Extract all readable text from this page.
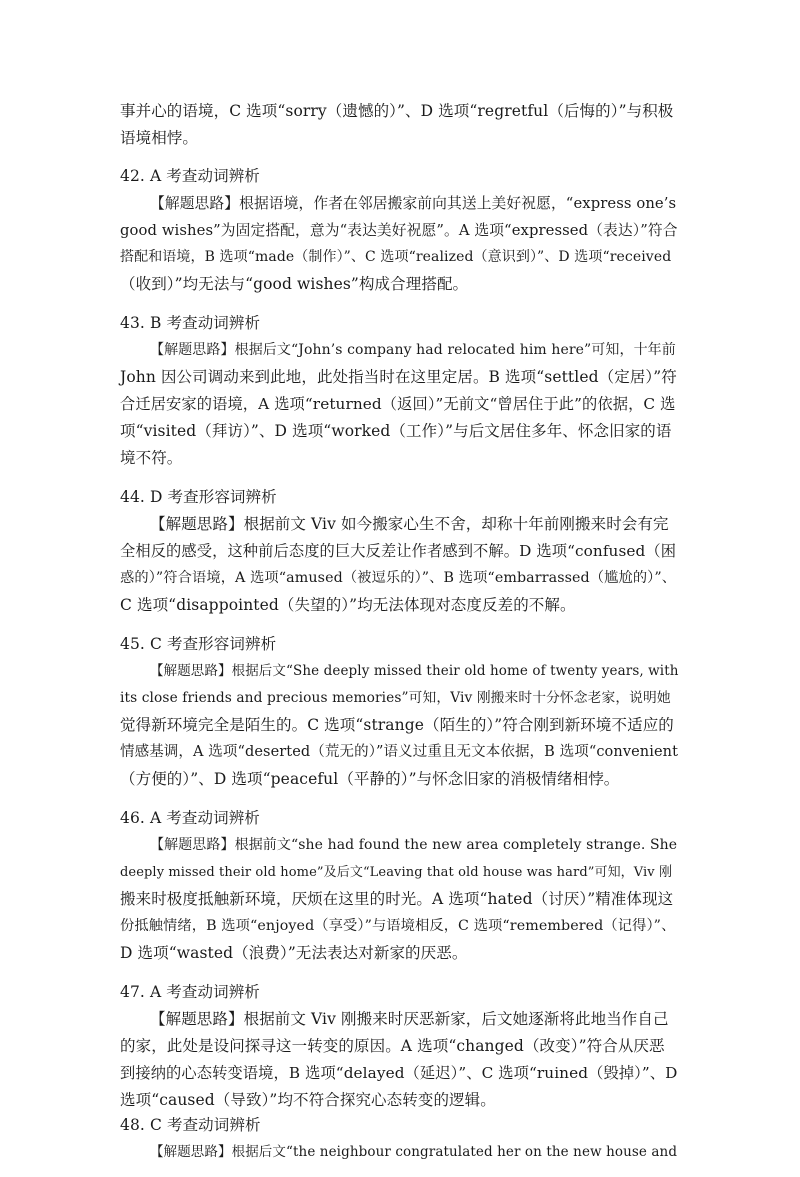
事并心的语境，C 选项“sorry（遗憾的）”、D 选项“regretful（后悔的）”与积极
语境相悖。
42. A 考查动词辨析
【解题思路】根据语境，作者在邻居搬家前向其送上美好祝愿，“express one’s
good wishes”为固定搭配，意为“表达美好祝愿”。A 选项“expressed（表达）”符合
搭配和语境，B 选项“made（制作）”、C 选项“realized（意识到）”、D 选项“received
（收到）”均无法与“good wishes”构成合理搭配。
43. B 考查动词辨析
【解题思路】根据后文“John’s company had relocated him here”可知，十年前
John 因公司调动来到此地，此处指当时在这里定居。B 选项“settled（定居）”符
合迁居安家的语境，A 选项“returned（返回）”无前文“曾居住于此”的依据，C 选
项“visited（拜访）”、D 选项“worked（工作）”与后文居住多年、怀念旧家的语
境不符。
44. D 考查形容词辨析
【解题思路】根据前文 Viv 如今搬家心生不舍，却称十年前刚搬来时会有完
全相反的感受，这种前后态度的巨大反差让作者感到不解。D 选项“confused（困
惑的）”符合语境，A 选项“amused（被逗乐的）”、B 选项“embarrassed（尴尬的）”、
C 选项“disappointed（失望的）”均无法体现对态度反差的不解。
45. C 考查形容词辨析
【解题思路】根据后文“She deeply missed their old home of twenty years, with
its close friends and precious memories”可知，Viv 刚搬来时十分怀念老家，说明她
觉得新环境完全是陌生的。C 选项“strange（陌生的）”符合刚到新环境不适应的
情感基调，A 选项“deserted（荒无的）”语义过重且无文本依据，B 选项“convenient
（方便的）”、D 选项“peaceful（平静的）”与怀念旧家的消极情绪相悖。
46. A 考查动词辨析
【解题思路】根据前文“she had found the new area completely strange. She
deeply missed their old home”及后文“Leaving that old house was hard”可知，Viv 刚
搬来时极度抵触新环境，厌烦在这里的时光。A 选项“hated（讨厌）”精准体现这
份抵触情绪，B 选项“enjoyed（享受）”与语境相反，C 选项“remembered（记得）”、
D 选项“wasted（浪费）”无法表达对新家的厌恶。
47. A 考查动词辨析
【解题思路】根据前文 Viv 刚搬来时厌恶新家，后文她逐渐将此地当作自己
的家，此处是设问探寻这一转变的原因。A 选项“changed（改变）”符合从厌恶
到接纳的心态转变语境，B 选项“delayed（延迟）”、C 选项“ruined（毁掉）”、D
选项“caused（导致）”均不符合探究心态转变的逻辑。
48. C 考查动词辨析
【解题思路】根据后文“the neighbour congratulated her on the new house and
